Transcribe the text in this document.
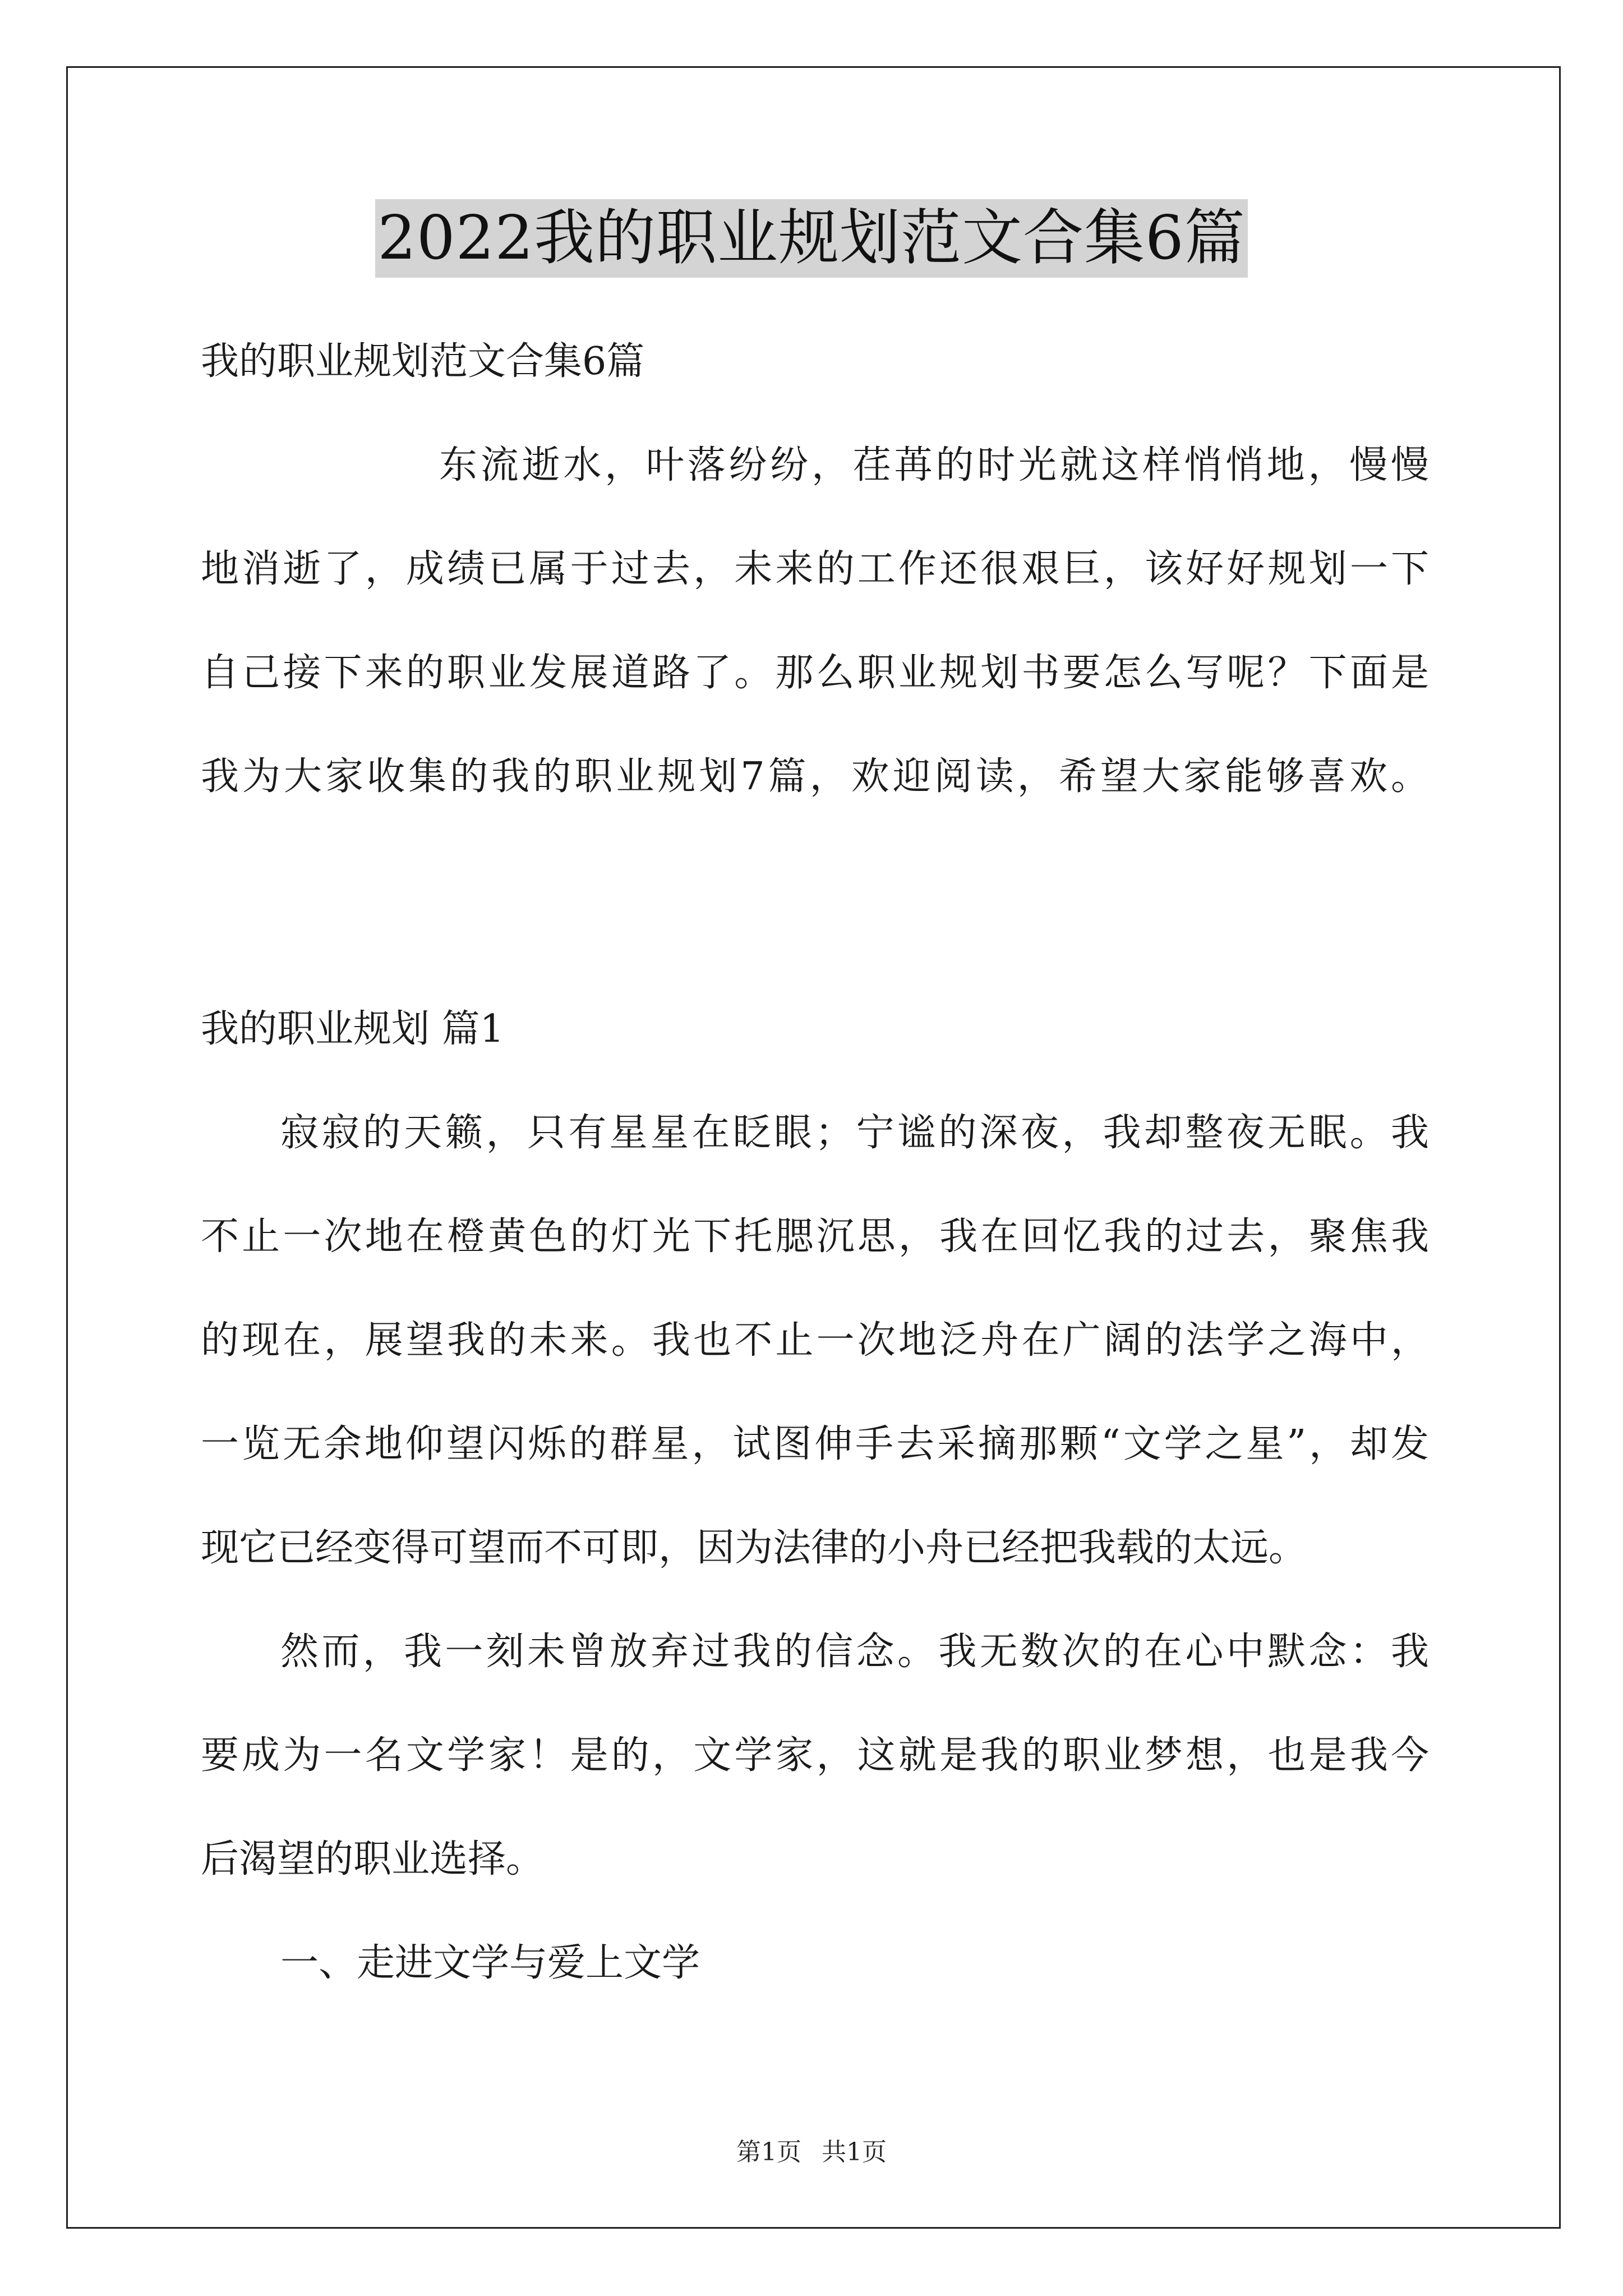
2022我的职业规划范文合集6篇
我的职业规划范文合集6篇
东流逝水，叶落纷纷，荏苒的时光就这样悄悄地，慢慢
地消逝了，成绩已属于过去，未来的工作还很艰巨，该好好规划一下
自己接下来的职业发展道路了。那么职业规划书要怎么写呢？下面是
我为大家收集的我的职业规划7篇，欢迎阅读，希望大家能够喜欢。
我的职业规划 篇1
寂寂的天籁，只有星星在眨眼；宁谧的深夜，我却整夜无眠。我
不止一次地在橙黄色的灯光下托腮沉思，我在回忆我的过去，聚焦我
的现在，展望我的未来。我也不止一次地泛舟在广阔的法学之海中，
一览无余地仰望闪烁的群星，试图伸手去采摘那颗“文学之星”，却发
现它已经变得可望而不可即，因为法律的小舟已经把我载的太远。
然而，我一刻未曾放弃过我的信念。我无数次的在心中默念：我
要成为一名文学家！是的，文学家，这就是我的职业梦想，也是我今
后渴望的职业选择。
一、走进文学与爱上文学
第1页 共1页
